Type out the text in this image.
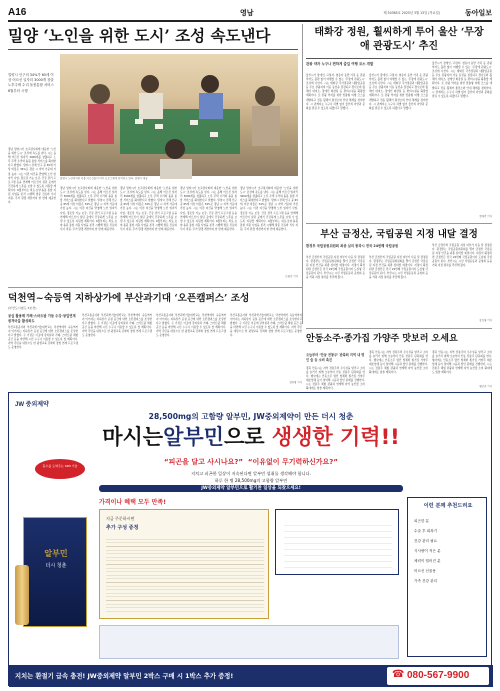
A16	영남	제 30365호 2025년 3월 13일 (목요일)	동아일보
밀양 ‘노인을 위한 도시’ 조성 속도낸다
밀양시 인구의 34%가 65세 이상 어르신 일자리 3000개 창출 노후주택 수리 돌봄통합 서비스 6월부터 시행
밀양시 노인복지관 이용 어르신들이 여가 프로그램에 참여하고 있다. 밀양시 제공
경남 밀양시가 초고령사회에 대응한 ‘노인을 위한 도시’ 조성에 속도를 낸다. 시는 올해 어르신 일자리 3000개를 창출하고 노후 주택 수리와 돌봄 통합 서비스를 확대한다고 밝혔다. 밀양시 전체 인구 중 65세 이상 비율은 34%로 경남 시 지역 가운데 가장 높다. 시는 이런 여건을 반영해 노인 일자리 사업, 경로당 기능 보강, 건강 관리 프로그램 등을 연계해 어르신이 살던 곳에서 건강하게 노후를 보낼 수 있도록 지원할 계획이다. 6월부터는 의료·요양·돌봄 통합 지원 사업을 본격 시행해 방문 진료와 식사 지원, 주거 환경 개선까지 한 번에 제공한다.
경남 밀양시가 초고령사회에 대응한 ‘노인을 위한 도시’ 조성에 속도를 낸다. 시는 올해 어르신 일자리 3000개를 창출하고 노후 주택 수리와 돌봄 통합 서비스를 확대한다고 밝혔다. 밀양시 전체 인구 중 65세 이상 비율은 34%로 경남 시 지역 가운데 가장 높다. 시는 이런 여건을 반영해 노인 일자리 사업, 경로당 기능 보강, 건강 관리 프로그램 등을 연계해 어르신이 살던 곳에서 건강하게 노후를 보낼 수 있도록 지원할 계획이다. 6월부터는 의료·요양·돌봄 통합 지원 사업을 본격 시행해 방문 진료와 식사 지원, 주거 환경 개선까지 한 번에 제공한다.
경남 밀양시가 초고령사회에 대응한 ‘노인을 위한 도시’ 조성에 속도를 낸다. 시는 올해 어르신 일자리 3000개를 창출하고 노후 주택 수리와 돌봄 통합 서비스를 확대한다고 밝혔다. 밀양시 전체 인구 중 65세 이상 비율은 34%로 경남 시 지역 가운데 가장 높다. 시는 이런 여건을 반영해 노인 일자리 사업, 경로당 기능 보강, 건강 관리 프로그램 등을 연계해 어르신이 살던 곳에서 건강하게 노후를 보낼 수 있도록 지원할 계획이다. 6월부터는 의료·요양·돌봄 통합 지원 사업을 본격 시행해 방문 진료와 식사 지원, 주거 환경 개선까지 한 번에 제공한다.
경남 밀양시가 초고령사회에 대응한 ‘노인을 위한 도시’ 조성에 속도를 낸다. 시는 올해 어르신 일자리 3000개를 창출하고 노후 주택 수리와 돌봄 통합 서비스를 확대한다고 밝혔다. 밀양시 전체 인구 중 65세 이상 비율은 34%로 경남 시 지역 가운데 가장 높다. 시는 이런 여건을 반영해 노인 일자리 사업, 경로당 기능 보강, 건강 관리 프로그램 등을 연계해 어르신이 살던 곳에서 건강하게 노후를 보낼 수 있도록 지원할 계획이다. 6월부터는 의료·요양·돌봄 통합 지원 사업을 본격 시행해 방문 진료와 식사 지원, 주거 환경 개선까지 한 번에 제공한다.
경남 밀양시가 초고령사회에 대응한 ‘노인을 위한 도시’ 조성에 속도를 낸다. 시는 올해 어르신 일자리 3000개를 창출하고 노후 주택 수리와 돌봄 통합 서비스를 확대한다고 밝혔다. 밀양시 전체 인구 중 65세 이상 비율은 34%로 경남 시 지역 가운데 가장 높다. 시는 이런 여건을 반영해 노인 일자리 사업, 경로당 기능 보강, 건강 관리 프로그램 등을 연계해 어르신이 살던 곳에서 건강하게 노후를 보낼 수 있도록 지원할 계획이다. 6월부터는 의료·요양·돌봄 통합 지원 사업을 본격 시행해 방문 진료와 식사 지원, 주거 환경 개선까지 한 번에 제공한다.
도영진 기자
태화강 정원, 훨씨하게 투어 울산 ‘무장애 관광도시’ 추진
관광 약자 누구나 편하게 즐길 여행 코스 개발
울산시가 장애인, 고령자, 영유아 동반 가족 등 관광 약자도 불편 없이 여행할 수 있는 ‘무장애 관광도시’ 조성에 나선다. 시는 태화강 국가정원과 대왕암공원 등 주요 관광지의 이동 동선을 점검하고 경사로와 휠체어 대여소, 장애인 화장실 등 편의시설을 확충할 계획이다. 또 관광 약자를 위한 맞춤형 여행 코스를 개발하고 전동 휠체어 충전소와 안내 체계를 정비한다. 시 관계자는 누구나 차별 없이 울산의 자연과 문화를 즐길 수 있도록 하겠다고 말했다.
울산시가 장애인, 고령자, 영유아 동반 가족 등 관광 약자도 불편 없이 여행할 수 있는 ‘무장애 관광도시’ 조성에 나선다. 시는 태화강 국가정원과 대왕암공원 등 주요 관광지의 이동 동선을 점검하고 경사로와 휠체어 대여소, 장애인 화장실 등 편의시설을 확충할 계획이다. 또 관광 약자를 위한 맞춤형 여행 코스를 개발하고 전동 휠체어 충전소와 안내 체계를 정비한다. 시 관계자는 누구나 차별 없이 울산의 자연과 문화를 즐길 수 있도록 하겠다고 말했다.
울산시가 장애인, 고령자, 영유아 동반 가족 등 관광 약자도 불편 없이 여행할 수 있는 ‘무장애 관광도시’ 조성에 나선다. 시는 태화강 국가정원과 대왕암공원 등 주요 관광지의 이동 동선을 점검하고 경사로와 휠체어 대여소, 장애인 화장실 등 편의시설을 확충할 계획이다. 또 관광 약자를 위한 맞춤형 여행 코스를 개발하고 전동 휠체어 충전소와 안내 체계를 정비한다. 시 관계자는 누구나 차별 없이 울산의 자연과 문화를 즐길 수 있도록 하겠다고 말했다.
정재락 기자
부산 금정산, 국립공원 지정 내달 결정
환경부 국립공원위원회 최종 심의 통과시 전국 24번째 국립공원
부산 금정산의 국립공원 지정 여부가 다음 달 결정된다. 환경부는 국립공원위원회를 열어 금정산 국립공원 지정 안건을 최종 심의할 예정이다. 지정이 확정되면 금정산은 전국 24번째 국립공원이자 도심형 국립공원이 된다. 부산시는 시민 서명운동과 공청회 등을 거쳐 지정 절차를 추진해 왔다.
부산 금정산의 국립공원 지정 여부가 다음 달 결정된다. 환경부는 국립공원위원회를 열어 금정산 국립공원 지정 안건을 최종 심의할 예정이다. 지정이 확정되면 금정산은 전국 24번째 국립공원이자 도심형 국립공원이 된다. 부산시는 시민 서명운동과 공청회 등을 거쳐 지정 절차를 추진해 왔다.
부산 금정산의 국립공원 지정 여부가 다음 달 결정된다. 환경부는 국립공원위원회를 열어 금정산 국립공원 지정 안건을 최종 심의할 예정이다. 지정이 확정되면 금정산은 전국 24번째 국립공원이자 도심형 국립공원이 된다. 부산시는 시민 서명운동과 공청회 등을 거쳐 지정 절차를 추진해 왔다.
강성명 기자
덕천역~숙등역 지하상가에 부산과기대 ‘오픈캠퍼스’ 조성
(부산도시철도 3호선)
공실 활용해 카페·스마트팜 가동 수강·창업연계 원격마을 활성화도
부산교통공사와 부산과학기술대학교는 덕천역에서 숙등역까지 이어지는 지하상가 공실 공간에 대학 오픈캠퍼스를 조성한다고 밝혔다. 두 기관은 이곳에 강의실과 카페, 스마트팜 체험 공간 등을 마련해 시민 누구나 이용할 수 있도록 할 계획이다. 지역 주민을 대상으로 한 평생교육 강좌와 창업 연계 프로그램도 운영한다.
부산교통공사와 부산과학기술대학교는 덕천역에서 숙등역까지 이어지는 지하상가 공실 공간에 대학 오픈캠퍼스를 조성한다고 밝혔다. 두 기관은 이곳에 강의실과 카페, 스마트팜 체험 공간 등을 마련해 시민 누구나 이용할 수 있도록 할 계획이다. 지역 주민을 대상으로 한 평생교육 강좌와 창업 연계 프로그램도 운영한다.
부산교통공사와 부산과학기술대학교는 덕천역에서 숙등역까지 이어지는 지하상가 공실 공간에 대학 오픈캠퍼스를 조성한다고 밝혔다. 두 기관은 이곳에 강의실과 카페, 스마트팜 체험 공간 등을 마련해 시민 누구나 이용할 수 있도록 할 계획이다. 지역 주민을 대상으로 한 평생교육 강좌와 창업 연계 프로그램도 운영한다.
부산교통공사와 부산과학기술대학교는 덕천역에서 숙등역까지 이어지는 지하상가 공실 공간에 대학 오픈캠퍼스를 조성한다고 밝혔다. 두 기관은 이곳에 강의실과 카페, 스마트팜 체험 공간 등을 마련해 시민 누구나 이용할 수 있도록 할 계획이다. 지역 주민을 대상으로 한 평생교육 강좌와 창업 연계 프로그램도 운영한다.
김화영 기자
안동소주·종가집 가양주 맛보러 오세요
오늘부터 ‘안동 전통주’ 판촉회 지역 내 명인 술 등 소비 촉진
경북 안동시는 지역 전통주의 우수성을 알리고 소비를 늘리기 위해 오늘부터 안동 전통주 판촉회를 연다. 행사에는 안동소주 명인 업체와 종가집 가양주 제조업체 등이 참여해 시음과 할인 판매를 진행한다. 시는 전통주 체험 관광과 연계해 지역 농산물 소비 확대에도 힘쓸 계획이다.
경북 안동시는 지역 전통주의 우수성을 알리고 소비를 늘리기 위해 오늘부터 안동 전통주 판촉회를 연다. 행사에는 안동소주 명인 업체와 종가집 가양주 제조업체 등이 참여해 시음과 할인 판매를 진행한다. 시는 전통주 체험 관광과 연계해 지역 농산물 소비 확대에도 힘쓸 계획이다.
경북 안동시는 지역 전통주의 우수성을 알리고 소비를 늘리기 위해 오늘부터 안동 전통주 판촉회를 연다. 행사에는 안동소주 명인 업체와 종가집 가양주 제조업체 등이 참여해 시음과 할인 판매를 진행한다. 시는 전통주 체험 관광과 연계해 지역 농산물 소비 확대에도 힘쓸 계획이다.
명민준 기자
JW 중외제약
28,500mg의 고함량 알부민, JW중외제약이 만든 더시 청춘
마시는알부민으로 생생한 기력!!
“피곤을 달고 사시나요?” “이유없이 무기력하신가요?”
지치고 피곤한 일상이 지속된다면 알부민 섭취를 생각해야 합니다.
하루 한 병 28,500mg의 고함량 알부민
JW중외제약 알부민으로 활기찬 일상을 되찾으세요!
흡수를 도와주는 SPN 기술
알부민
더시 청춘
가격이나 혜택 모두 만족!
지금 주문하시면
추가 구성 증정
이런 분께 추천드려요
피곤한 분
수술 후 회복기
건강 관리 필요
식사량이 적은 분
체력이 떨어진 분
어르신 선물용
가족 건강 관리
지치는 환절기 급속 충전! JW중외제약 알부민 2박스 구매 시 1박스 추가 증정!	☎ 080-567-9900
